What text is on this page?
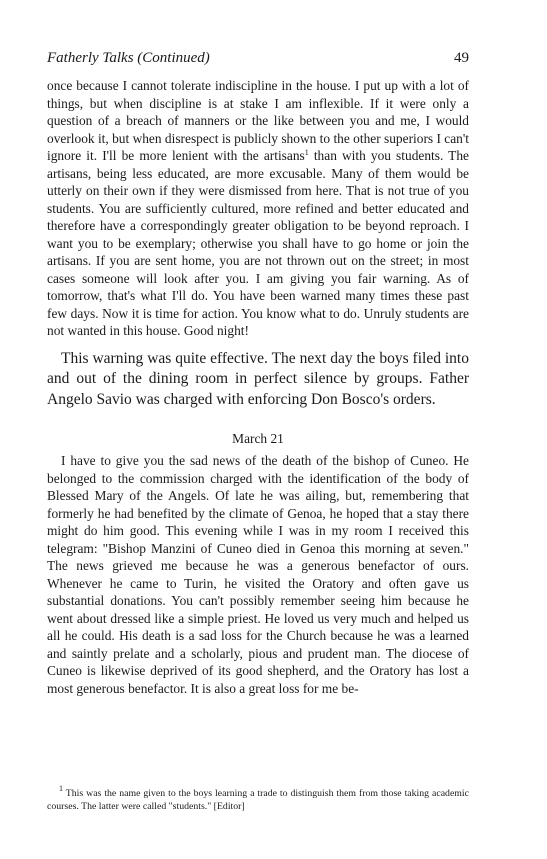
Fatherly Talks (Continued)	49

once because I cannot tolerate indiscipline in the house. I put up with a lot of things, but when discipline is at stake I am inflexible. If it were only a question of a breach of manners or the like between you and me, I would overlook it, but when disrespect is publicly shown to the other superiors I can't ignore it. I'll be more lenient with the artisans$^1$ than with you students. The artisans, being less educated, are more excusable. Many of them would be utterly on their own if they were dismissed from here. That is not true of you students. You are sufficiently cultured, more refined and better educated and therefore have a correspondingly greater obligation to be beyond reproach. I want you to be exemplary; otherwise you shall have to go home or join the artisans. If you are sent home, you are not thrown out on the street; in most cases someone will look after you. I am giving you fair warning. As of tomorrow, that's what I'll do. You have been warned many times these past few days. Now it is time for action. You know what to do. Unruly students are not wanted in this house. Good night!

This warning was quite effective. The next day the boys filed into and out of the dining room in perfect silence by groups. Father Angelo Savio was charged with enforcing Don Bosco's orders.

March 21

I have to give you the sad news of the death of the bishop of Cuneo. He belonged to the commission charged with the identification of the body of Blessed Mary of the Angels. Of late he was ailing, but, remembering that formerly he had benefited by the climate of Genoa, he hoped that a stay there might do him good. This evening while I was in my room I received this telegram: "Bishop Manzini of Cuneo died in Genoa this morning at seven." The news grieved me because he was a generous benefactor of ours. Whenever he came to Turin, he visited the Oratory and often gave us substantial donations. You can't possibly remember seeing him because he went about dressed like a simple priest. He loved us very much and helped us all he could. His death is a sad loss for the Church because he was a learned and saintly prelate and a scholarly, pious and prudent man. The diocese of Cuneo is likewise deprived of its good shepherd, and the Oratory has lost a most generous benefactor. It is also a great loss for me be-

$^1$ This was the name given to the boys learning a trade to distinguish them from those taking academic courses. The latter were called "students." [Editor]
